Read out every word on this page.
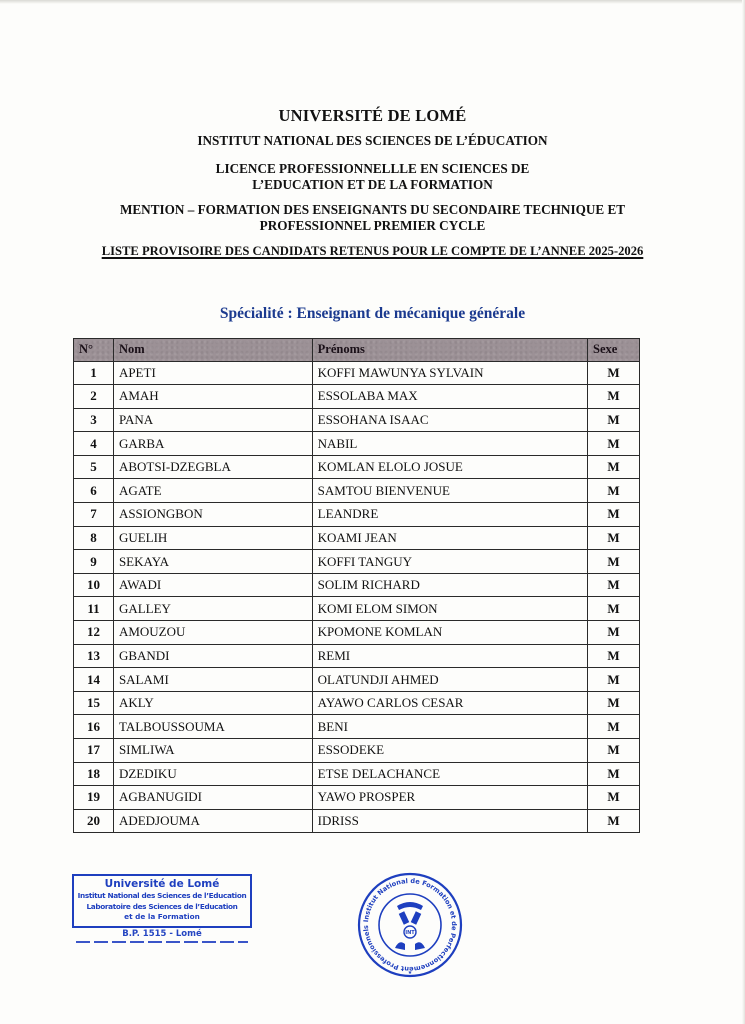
UNIVERSITÉ DE LOMÉ
INSTITUT NATIONAL DES SCIENCES DE L’ÉDUCATION
LICENCE PROFESSIONNELLLE EN SCIENCES DE
L’EDUCATION ET DE LA FORMATION
MENTION – FORMATION DES ENSEIGNANTS DU SECONDAIRE TECHNIQUE ET
PROFESSIONNEL PREMIER CYCLE
LISTE PROVISOIRE DES CANDIDATS RETENUS POUR LE COMPTE DE L’ANNEE 2025-2026
Spécialité : Enseignant de mécanique générale
N°	Nom	Prénoms	Sexe
1	APETI	KOFFI MAWUNYA SYLVAIN	M
2	AMAH	ESSOLABA MAX	M
3	PANA	ESSOHANA ISAAC	M
4	GARBA	NABIL	M
5	ABOTSI-DZEGBLA	KOMLAN ELOLO JOSUE	M
6	AGATE	SAMTOU BIENVENUE	M
7	ASSIONGBON	LEANDRE	M
8	GUELIH	KOAMI JEAN	M
9	SEKAYA	KOFFI TANGUY	M
10	AWADI	SOLIM RICHARD	M
11	GALLEY	KOMI ELOM SIMON	M
12	AMOUZOU	KPOMONE KOMLAN	M
13	GBANDI	REMI	M
14	SALAMI	OLATUNDJI AHMED	M
15	AKLY	AYAWO CARLOS CESAR	M
16	TALBOUSSOUMA	BENI	M
17	SIMLIWA	ESSODEKE	M
18	DZEDIKU	ETSE DELACHANCE	M
19	AGBANUGIDI	YAWO PROSPER	M
20	ADEDJOUMA	IDRISS	M
Université de Lomé
Institut National des Sciences de l’Education
Laboratoire des Sciences de l’Education
et de la Formation
B.P. 1515 - Lomé
Institut National de Formation et de Perfectionnement Professionnels
INT
★
